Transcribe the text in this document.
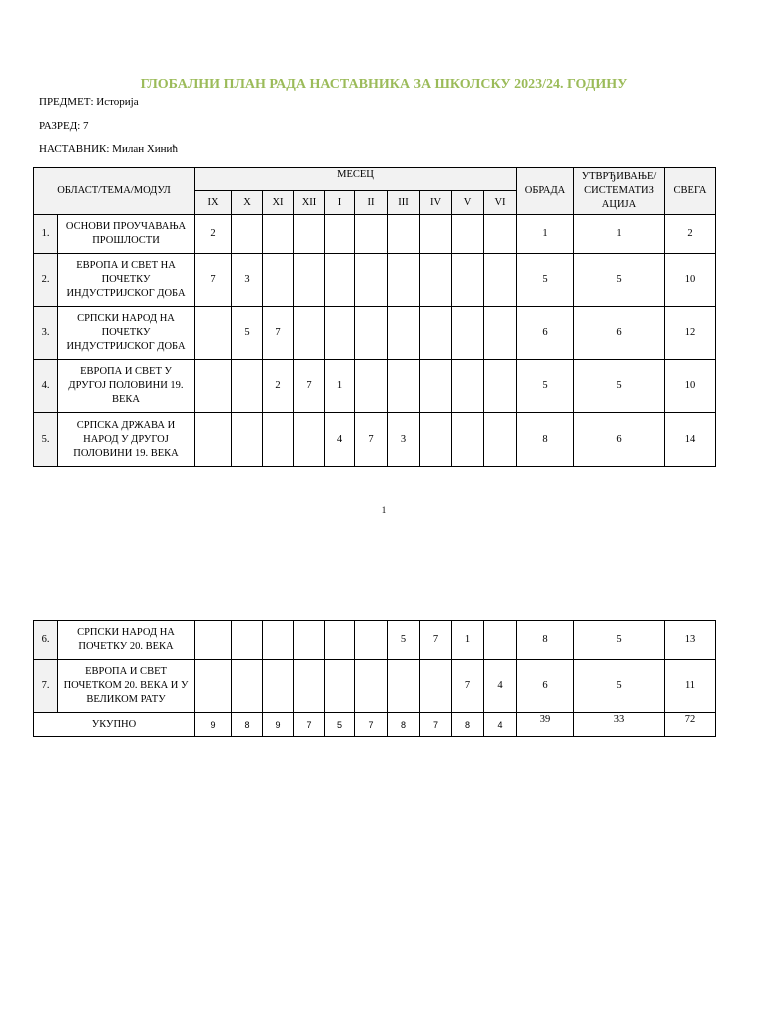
ГЛОБАЛНИ ПЛАН РАДА НАСТАВНИКА ЗА ШКОЛСКУ 2023/24. ГОДИНУ
ПРЕДМЕТ: Историја
РАЗРЕД: 7
НАСТАВНИК: Милан Хинић
ОБЛАСТ/ТЕМА/МОДУЛ		МЕСЕЦ										ОБРАДА	УТВРЂИВАЊЕ/ СИСТЕМАТИЗ АЦИЈА	СВЕГА
		IX	X	XI	XII	I	II	III	IV	V	VI			
1.	ОСНОВИ ПРОУЧАВАЊА ПРОШЛОСТИ	2										1	1	2
2.	ЕВРОПА И СВЕТ НА ПОЧЕТКУ ИНДУСТРИЈСКОГ ДОБА	7	3									5	5	10
3.	СРПСКИ НАРОД НА ПОЧЕТКУ ИНДУСТРИЈСКОГ ДОБА		5	7								6	6	12
4.	ЕВРОПА И СВЕТ У ДРУГОЈ ПОЛОВИНИ 19. ВЕКА			2	7	1						5	5	10
5.	СРПСКА ДРЖАВА И НАРОД У ДРУГОЈ ПОЛОВИНИ 19. ВЕКА					4	7	3				8	6	14
1
6.	СРПСКИ НАРОД НА ПОЧЕТКУ 20. ВЕКА							5	7	1		8	5	13
7.	ЕВРОПА И СВЕТ ПОЧЕТКОМ 20. ВЕКА И У ВЕЛИКОМ РАТУ									7	4	6	5	11
УКУПНО		9	8	9	7	5	7	8	7	8	4	39	33	72
